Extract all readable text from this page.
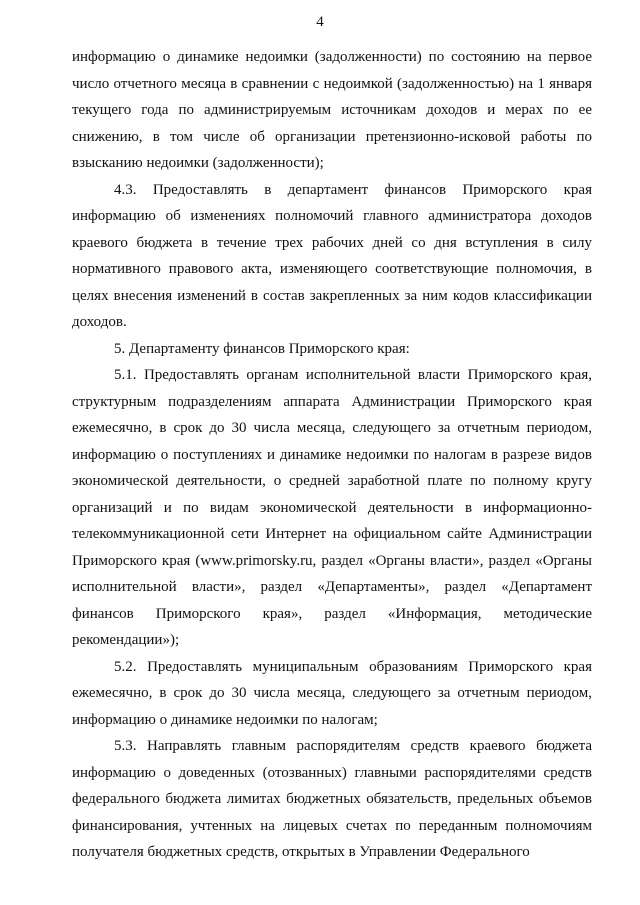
4

информацию о динамике недоимки (задолженности) по состоянию на первое число отчетного месяца в сравнении с недоимкой (задолженностью) на 1 января текущего года по администрируемым источникам доходов и мерах по ее снижению, в том числе об организации претензионно-исковой работы по взысканию недоимки (задолженности);

4.3. Предоставлять в департамент финансов Приморского края информацию об изменениях полномочий главного администратора доходов краевого бюджета в течение трех рабочих дней со дня вступления в силу нормативного правового акта, изменяющего соответствующие полномочия, в целях внесения изменений в состав закрепленных за ним кодов классификации доходов.

5. Департаменту финансов Приморского края:

5.1. Предоставлять органам исполнительной власти Приморского края, структурным подразделениям аппарата Администрации Приморского края ежемесячно, в срок до 30 числа месяца, следующего за отчетным периодом, информацию о поступлениях и динамике недоимки по налогам в разрезе видов экономической деятельности, о средней заработной плате по полному кругу организаций и по видам экономической деятельности в информационно-телекоммуникационной сети Интернет на официальном сайте Администрации Приморского края (www.primorsky.ru, раздел «Органы власти», раздел «Органы исполнительной власти», раздел «Департаменты», раздел «Департамент финансов Приморского края», раздел «Информация, методические рекомендации»);

5.2. Предоставлять муниципальным образованиям Приморского края ежемесячно, в срок до 30 числа месяца, следующего за отчетным периодом, информацию о динамике недоимки по налогам;

5.3. Направлять главным распорядителям средств краевого бюджета информацию о доведенных (отозванных) главными распорядителями средств федерального бюджета лимитах бюджетных обязательств, предельных объемов финансирования, учтенных на лицевых счетах по переданным полномочиям получателя бюджетных средств, открытых в Управлении Федерального
